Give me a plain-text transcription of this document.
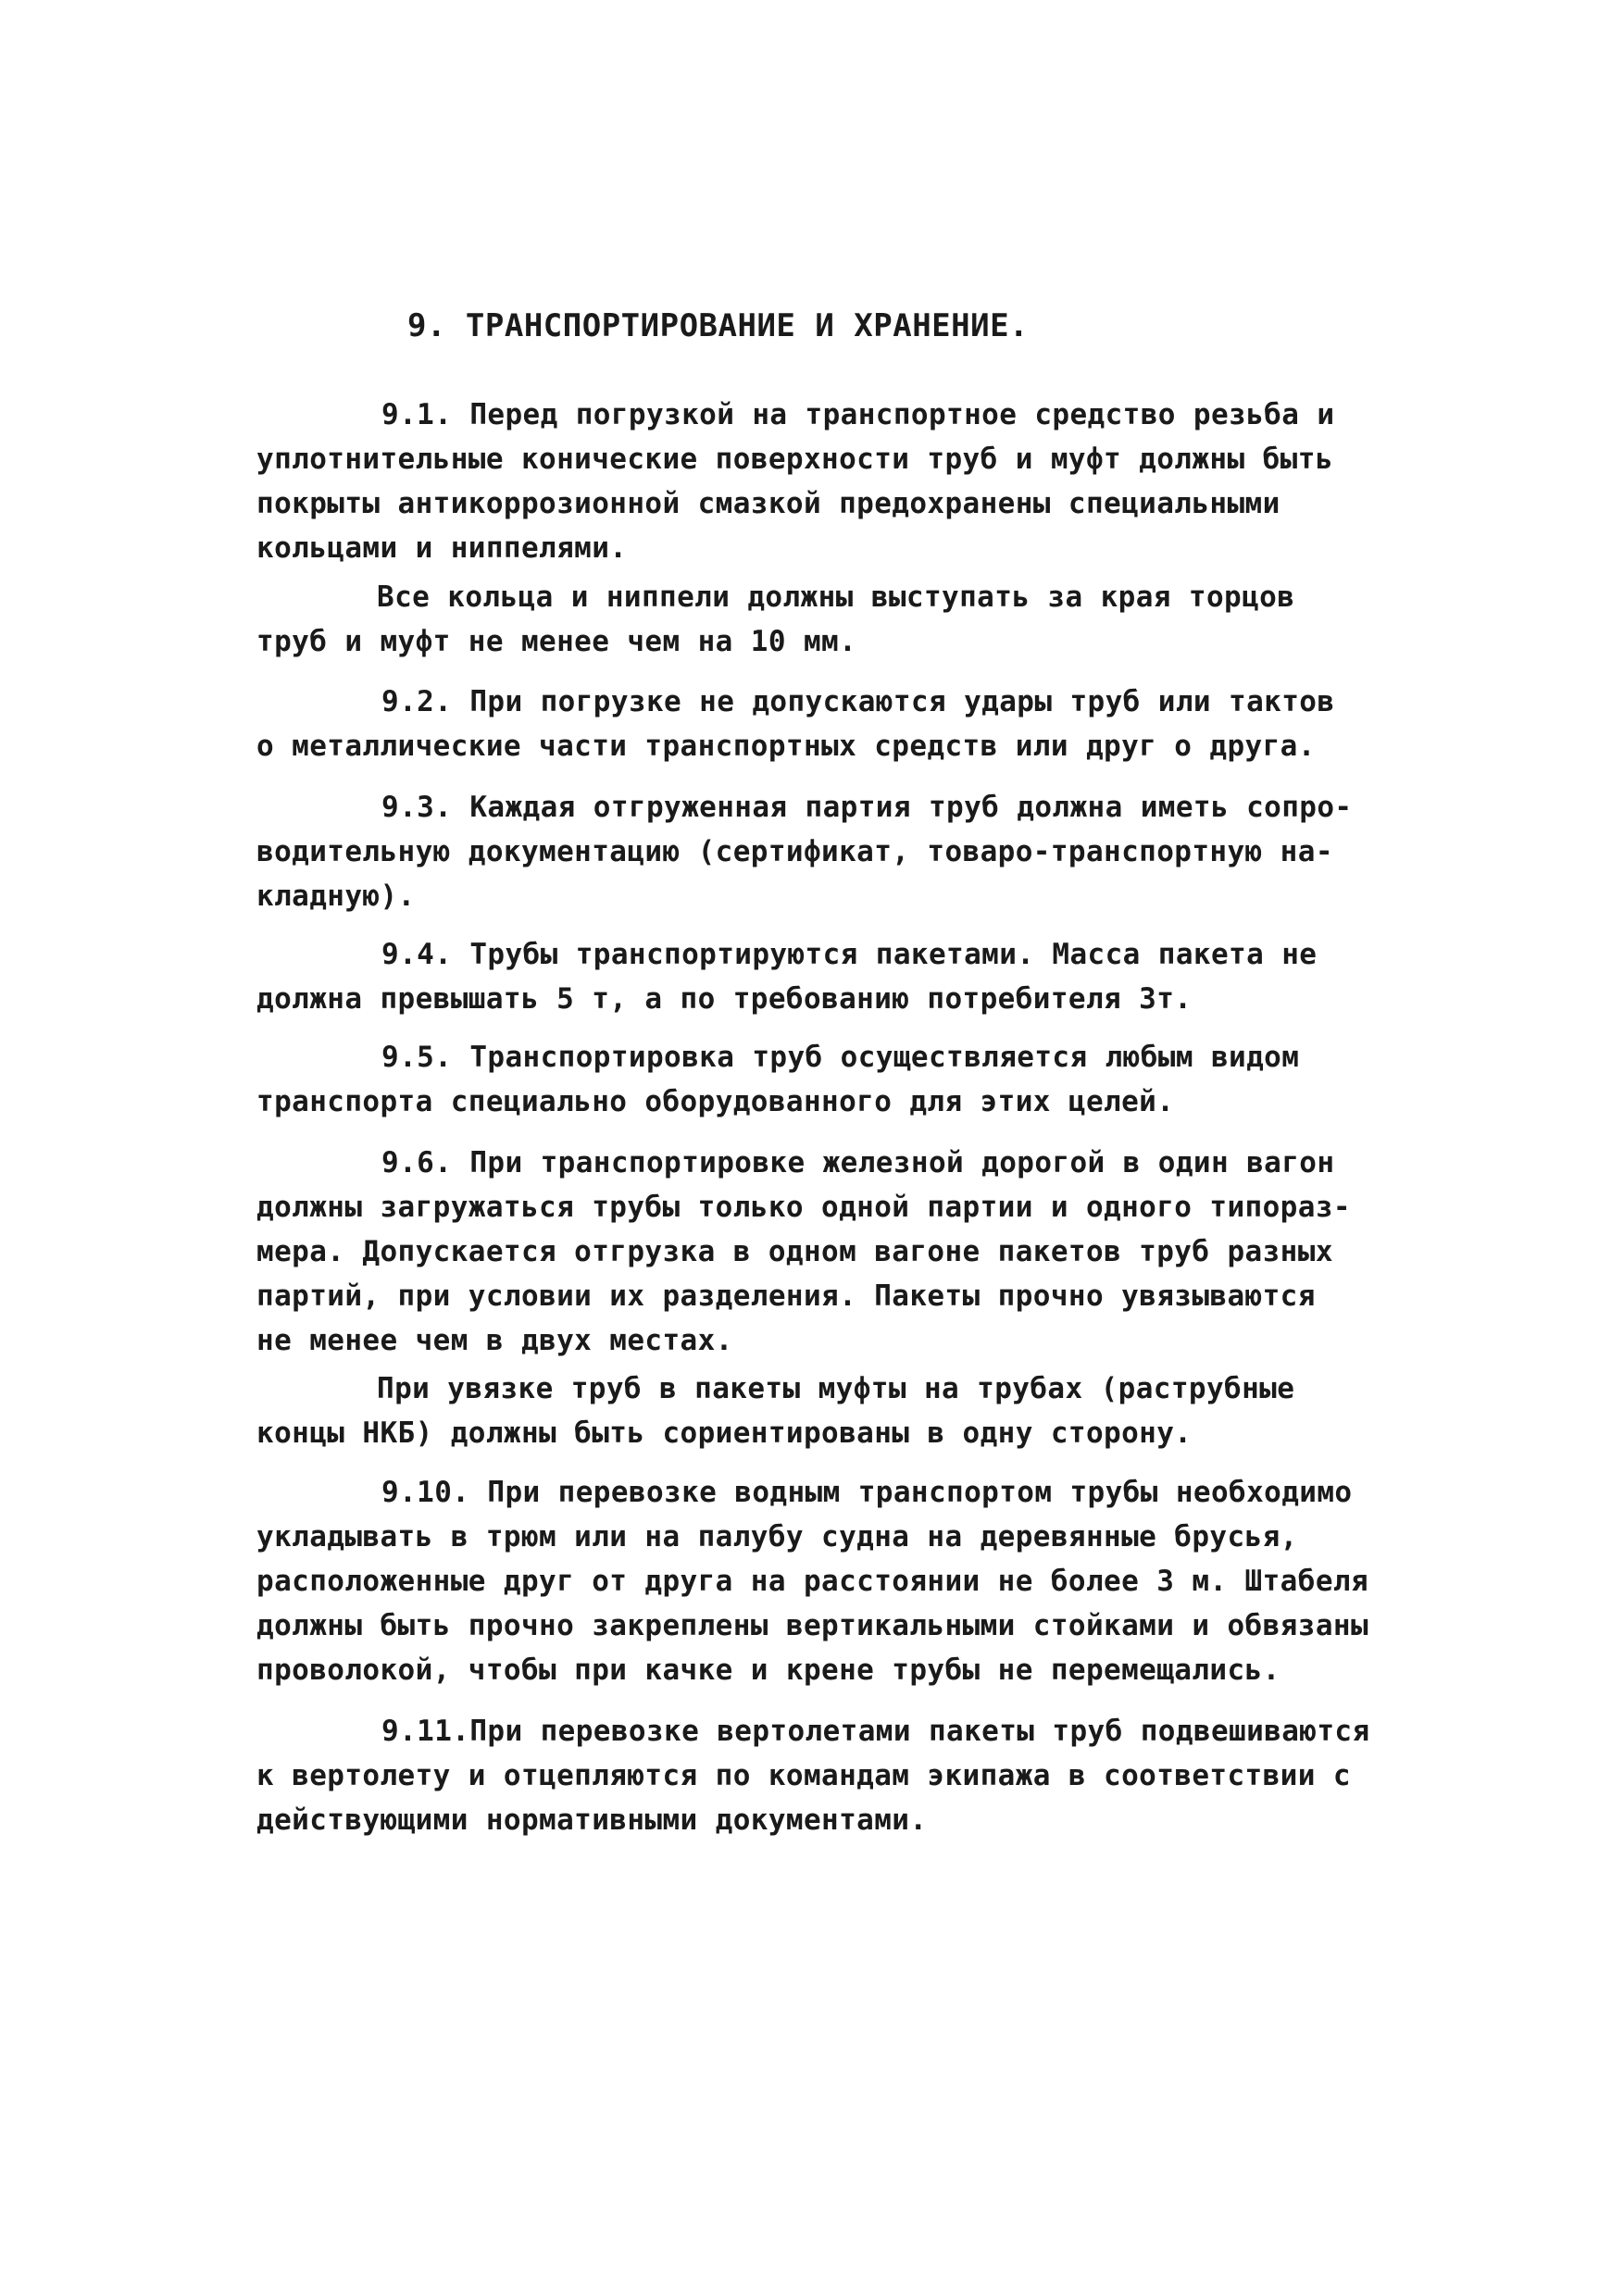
9. ТРАНСПОРТИРОВАНИЕ И ХРАНЕНИЕ.
9.1. Перед погрузкой на транспортное средство резьба и
уплотнительные конические поверхности труб и муфт должны быть
покрыты антикоррозионной смазкой предохранены специальными
кольцами и ниппелями.
Все кольца и ниппели должны выступать за края торцов
труб и муфт не менее чем на 10 мм.
9.2. При погрузке не допускаются удары труб или тактов
о металлические части транспортных средств или друг о друга.
9.3. Каждая отгруженная партия труб должна иметь сопро-
водительную документацию (сертификат, товаро-транспортную на-
кладную).
9.4. Трубы транспортируются пакетами. Масса пакета не
должна превышать 5 т, а по требованию потребителя 3т.
9.5. Транспортировка труб осуществляется любым видом
транспорта специально оборудованного для этих целей.
9.6. При транспортировке железной дорогой в один вагон
должны загружаться трубы только одной партии и одного типораз-
мера. Допускается отгрузка в одном вагоне пакетов труб разных
партий, при условии их разделения. Пакеты прочно увязываются
не менее чем в двух местах.
При увязке труб в пакеты муфты на трубах (раструбные
концы НКБ) должны быть сориентированы в одну сторону.
9.10. При перевозке водным транспортом трубы необходимо
укладывать в трюм или на палубу судна на деревянные брусья,
расположенные друг от друга на расстоянии не более 3 м. Штабеля
должны быть прочно закреплены вертикальными стойками и обвязаны
проволокой, чтобы при качке и крене трубы не перемещались.
9.11.При перевозке вертолетами пакеты труб подвешиваются
к вертолету и отцепляются по командам экипажа в соответствии с
действующими нормативными документами.
